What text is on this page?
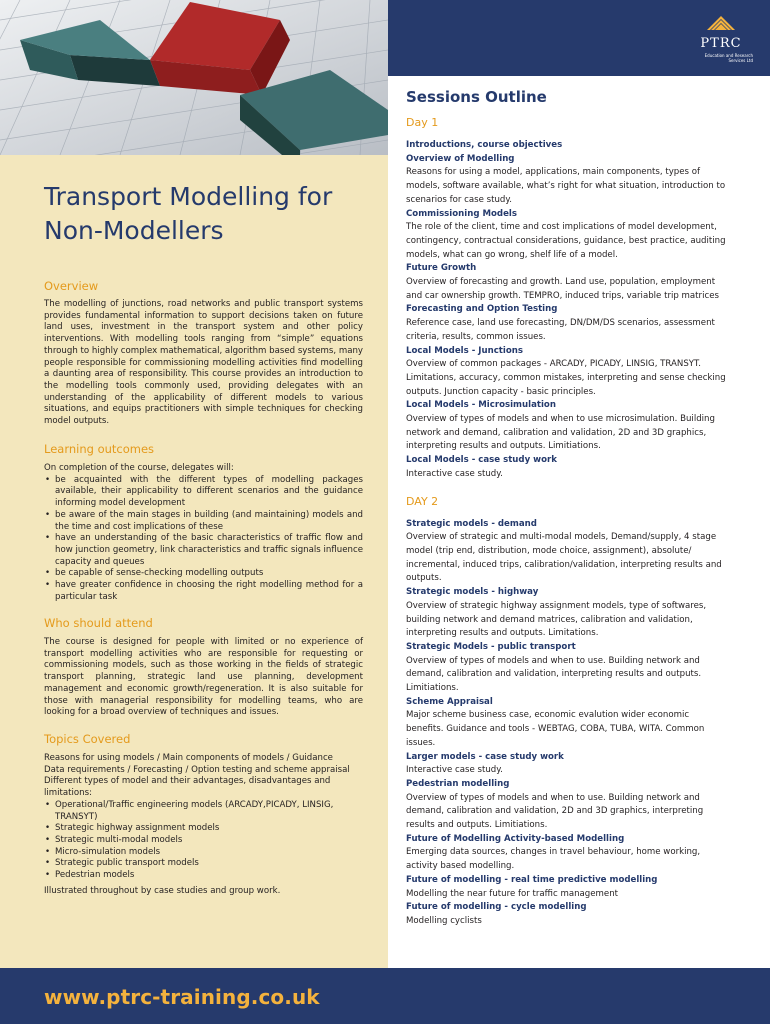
PTRC
Education and Research Services Ltd
Transport Modelling for Non-Modellers
Overview

The modelling of junctions, road networks and public transport systems provides fundamental information to support decisions taken on future land uses, investment in the transport system and other policy interventions. With modelling tools ranging from “simple” equations through to highly complex mathematical, algorithm based systems, many people responsible for commissioning modelling activities find modelling a daunting area of responsibility. This course provides an introduction to the modelling tools commonly used, providing delegates with an understanding of the applicability of different models to various situations, and equips practitioners with simple techniques for checking model outputs.

Learning outcomes

On completion of the course, delegates will:

• be acquainted with the different types of modelling packages available, their applicability to different scenarios and the guidance informing model development
• be aware of the main stages in building (and maintaining) models and the time and cost implications of these
• have an understanding of the basic characteristics of traffic flow and how junction geometry, link characteristics and traffic signals influence capacity and queues
• be capable of sense-checking modelling outputs
• have greater confidence in choosing the right modelling method for a particular task
Who should attend

The course is designed for people with limited or no experience of transport modelling activities who are responsible for requesting or commissioning models, such as those working in the fields of strategic transport planning, strategic land use planning, development management and economic growth/regeneration. It is also suitable for those with managerial responsibility for modelling teams, who are looking for a broad overview of techniques and issues.

Topics Covered

Reasons for using models / Main components of models / Guidance

Data requirements / Forecasting / Option testing and scheme appraisal

Different types of model and their advantages, disadvantages and limitations:

• Operational/Traffic engineering models (ARCADY,PICADY, LINSIG, TRANSYT)
• Strategic highway assignment models
• Strategic multi-modal models
• Micro-simulation models
• Strategic public transport models
• Pedestrian models

Illustrated throughout by case studies and group work.

Sessions Outline
Day 1
Introductions, course objectives
Overview of Modelling
Reasons for using a model, applications, main components, types of models, software available, what’s right for what situation, introduction to scenarios for case study.
Commissioning Models
The role of the client, time and cost implications of model development, contingency, contractual considerations, guidance, best practice, auditing models, what can go wrong, shelf life of a model.
Future Growth
Overview of forecasting and growth. Land use, population, employment and car ownership growth. TEMPRO, induced trips, variable trip matrices
Forecasting and Option Testing
Reference case, land use forecasting, DN/DM/DS scenarios, assessment criteria, results, common issues.
Local Models - Junctions
Overview of common packages - ARCADY, PICADY, LINSIG, TRANSYT. Limitations, accuracy, common mistakes, interpreting and sense checking outputs. Junction capacity - basic principles.
Local Models - Microsimulation
Overview of types of models and when to use microsimulation. Building network and demand, calibration and validation, 2D and 3D graphics, interpreting results and outputs. Limitiations.
Local Models - case study work
Interactive case study.
DAY 2
Strategic models - demand
Overview of strategic and multi-modal models, Demand/supply, 4 stage model (trip end, distribution, mode choice, assignment), absolute/ incremental, induced trips, calibration/validation, interpreting results and outputs.
Strategic models - highway
Overview of strategic highway assignment models, type of softwares, building network and demand matrices, calibration and validation, interpreting results and outputs. Limitations.
Strategic Models - public transport
Overview of types of models and when to use. Building network and demand, calibration and validation, interpreting results and outputs. Limitiations.
Scheme Appraisal
Major scheme business case, economic evalution wider economic benefits. Guidance and tools - WEBTAG, COBA, TUBA, WITA. Common issues.
Larger models - case study work
Interactive case study.
Pedestrian modelling
Overview of types of models and when to use. Building network and demand, calibration and validation, 2D and 3D graphics, interpreting results and outputs. Limitiations.
Future of Modelling Activity-based Modelling
Emerging data sources, changes in travel behaviour, home working, activity based modelling.
Future of modelling - real time predictive modelling
Modelling the near future for traffic management
Future of modelling - cycle modelling
Modelling cyclists
www.ptrc-training.co.uk
